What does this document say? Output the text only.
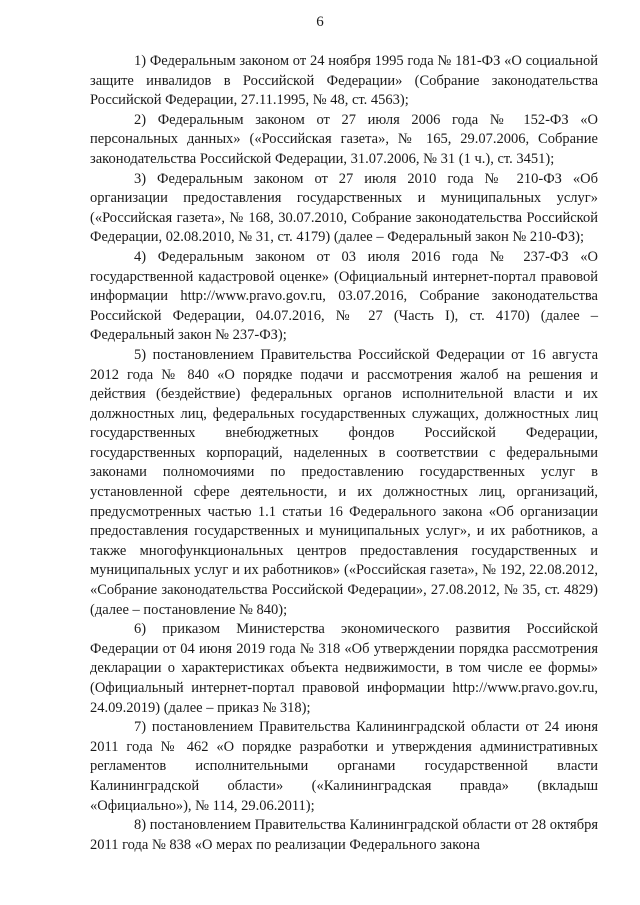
6

1) Федеральным законом от 24 ноября 1995 года № 181-ФЗ «О социальной защите инвалидов в Российской Федерации» (Собрание законодательства Российской Федерации, 27.11.1995, № 48, ст. 4563);

2) Федеральным законом от 27 июля 2006 года № 152-ФЗ «О персональных данных» («Российская газета», № 165, 29.07.2006, Собрание законодательства Российской Федерации, 31.07.2006, № 31 (1 ч.), ст. 3451);

3) Федеральным законом от 27 июля 2010 года № 210-ФЗ «Об организации предоставления государственных и муниципальных услуг» («Российская газета», № 168, 30.07.2010, Собрание законодательства Российской Федерации, 02.08.2010, № 31, ст. 4179) (далее – Федеральный закон № 210-ФЗ);

4) Федеральным законом от 03 июля 2016 года № 237-ФЗ «О государственной кадастровой оценке» (Официальный интернет-портал правовой информации http://www.pravo.gov.ru, 03.07.2016, Собрание законодательства Российской Федерации, 04.07.2016, № 27 (Часть I), ст. 4170) (далее – Федеральный закон № 237-ФЗ);

5) постановлением Правительства Российской Федерации от 16 августа 2012 года № 840 «О порядке подачи и рассмотрения жалоб на решения и действия (бездействие) федеральных органов исполнительной власти и их должностных лиц, федеральных государственных служащих, должностных лиц государственных внебюджетных фондов Российской Федерации, государственных корпораций, наделенных в соответствии с федеральными законами полномочиями по предоставлению государственных услуг в установленной сфере деятельности, и их должностных лиц, организаций, предусмотренных частью 1.1 статьи 16 Федерального закона «Об организации предоставления государственных и муниципальных услуг», и их работников, а также многофункциональных центров предоставления государственных и муниципальных услуг и их работников» («Российская газета», № 192, 22.08.2012, «Собрание законодательства Российской Федерации», 27.08.2012, № 35, ст. 4829) (далее – постановление № 840);

6) приказом Министерства экономического развития Российской Федерации от 04 июня 2019 года № 318 «Об утверждении порядка рассмотрения декларации о характеристиках объекта недвижимости, в том числе ее формы» (Официальный интернет-портал правовой информации http://www.pravo.gov.ru, 24.09.2019) (далее – приказ № 318);

7) постановлением Правительства Калининградской области от 24 июня 2011 года № 462 «О порядке разработки и утверждения административных регламентов исполнительными органами государственной власти Калининградской области» («Калининградская правда» (вкладыш «Официально»), № 114, 29.06.2011);

8) постановлением Правительства Калининградской области от 28 октября 2011 года № 838 «О мерах по реализации Федерального закона
